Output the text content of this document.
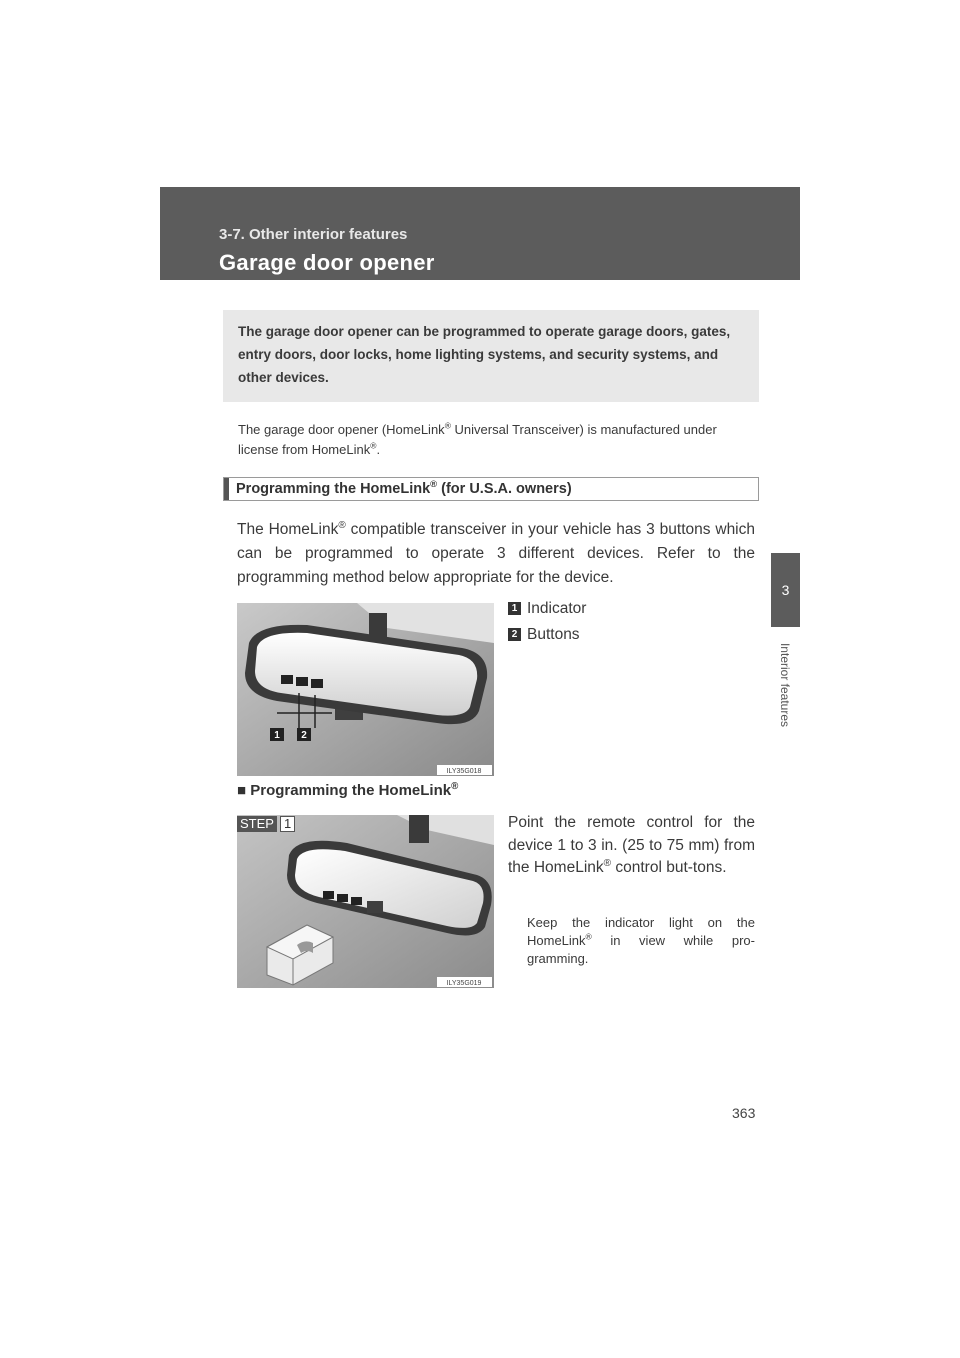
3-7. Other interior features
Garage door opener
3
Interior features
The garage door opener can be programmed to operate garage doors, gates, entry doors, door locks, home lighting systems, and security systems, and other devices.
The garage door opener (HomeLink® Universal Transceiver) is manufactured under license from HomeLink®.
Programming the HomeLink® (for U.S.A. owners)
The HomeLink® compatible transceiver in your vehicle has 3 buttons which can be programmed to operate 3 different devices. Refer to the programming method below appropriate for the device.
1 2
ILY35G018
1 Indicator
2 Buttons
■ Programming the HomeLink®
ILY35G019
STEP 1	Point the remote control for the device 1 to 3 in. (25 to 75 mm) from the HomeLink® control but-tons.
Keep the indicator light on the HomeLink® in view while pro-gramming.
363
